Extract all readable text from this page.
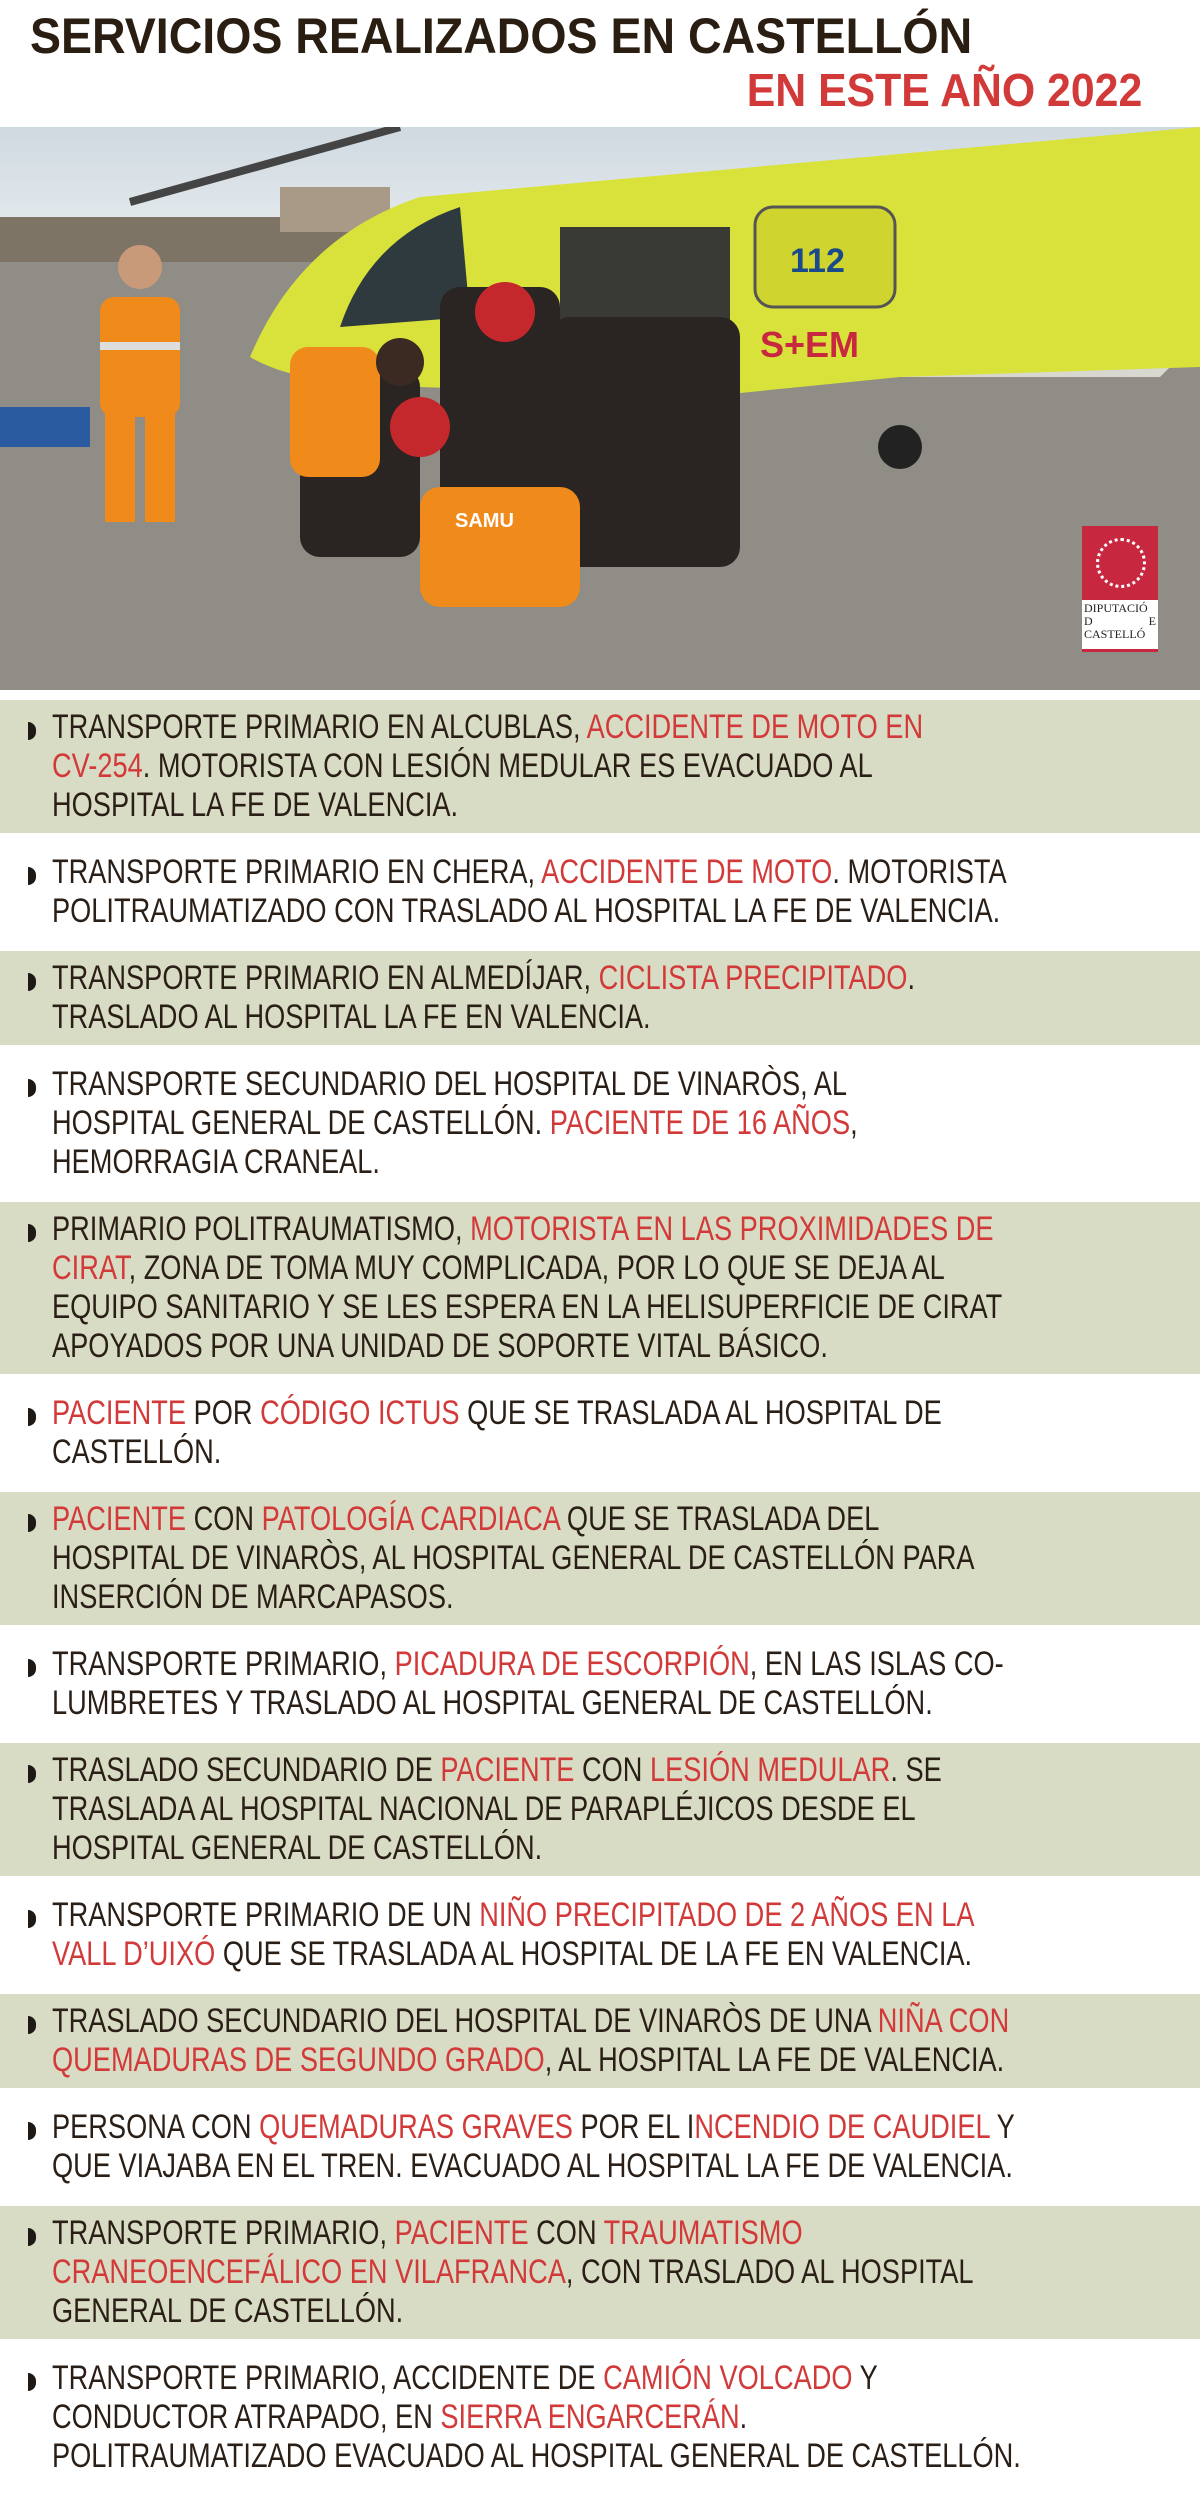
SERVICIOS REALIZADOS EN CASTELLÓN
EN ESTE AÑO 2022
112
S+EM
SAMU
DIPUTACIÓ
D	E
CASTELLÓ
TRANSPORTE PRIMARIO EN ALCUBLAS, ACCIDENTE DE MOTO EN
CV-254. MOTORISTA CON LESIÓN MEDULAR ES EVACUADO AL
HOSPITAL LA FE DE VALENCIA.
TRANSPORTE PRIMARIO EN CHERA, ACCIDENTE DE MOTO. MOTORISTA
POLITRAUMATIZADO CON TRASLADO AL HOSPITAL LA FE DE VALENCIA.
TRANSPORTE PRIMARIO EN ALMEDÍJAR, CICLISTA PRECIPITADO.
TRASLADO AL HOSPITAL LA FE EN VALENCIA.
TRANSPORTE SECUNDARIO DEL HOSPITAL DE VINARÒS, AL
HOSPITAL GENERAL DE CASTELLÓN. PACIENTE DE 16 AÑOS,
HEMORRAGIA CRANEAL.
PRIMARIO POLITRAUMATISMO, MOTORISTA EN LAS PROXIMIDADES DE
CIRAT, ZONA DE TOMA MUY COMPLICADA, POR LO QUE SE DEJA AL
EQUIPO SANITARIO Y SE LES ESPERA EN LA HELISUPERFICIE DE CIRAT
APOYADOS POR UNA UNIDAD DE SOPORTE VITAL BÁSICO.
PACIENTE POR CÓDIGO ICTUS QUE SE TRASLADA AL HOSPITAL DE
CASTELLÓN.
PACIENTE CON PATOLOGÍA CARDIACA QUE SE TRASLADA DEL
HOSPITAL DE VINARÒS, AL HOSPITAL GENERAL DE CASTELLÓN PARA
INSERCIÓN DE MARCAPASOS.
TRANSPORTE PRIMARIO, PICADURA DE ESCORPIÓN, EN LAS ISLAS CO-
LUMBRETES Y TRASLADO AL HOSPITAL GENERAL DE CASTELLÓN.
TRASLADO SECUNDARIO DE PACIENTE CON LESIÓN MEDULAR. SE
TRASLADA AL HOSPITAL NACIONAL DE PARAPLÉJICOS DESDE EL
HOSPITAL GENERAL DE CASTELLÓN.
TRANSPORTE PRIMARIO DE UN NIÑO PRECIPITADO DE 2 AÑOS EN LA
VALL D’UIXÓ QUE SE TRASLADA AL HOSPITAL DE LA FE EN VALENCIA.
TRASLADO SECUNDARIO DEL HOSPITAL DE VINARÒS DE UNA NIÑA CON
QUEMADURAS DE SEGUNDO GRADO, AL HOSPITAL LA FE DE VALENCIA.
PERSONA CON QUEMADURAS GRAVES POR EL INCENDIO DE CAUDIEL Y
QUE VIAJABA EN EL TREN. EVACUADO AL HOSPITAL LA FE DE VALENCIA.
TRANSPORTE PRIMARIO, PACIENTE CON TRAUMATISMO
CRANEOENCEFÁLICO EN VILAFRANCA, CON TRASLADO AL HOSPITAL
GENERAL DE CASTELLÓN.
TRANSPORTE PRIMARIO, ACCIDENTE DE CAMIÓN VOLCADO Y
CONDUCTOR ATRAPADO, EN SIERRA ENGARCERÁN.
POLITRAUMATIZADO EVACUADO AL HOSPITAL GENERAL DE CASTELLÓN.
